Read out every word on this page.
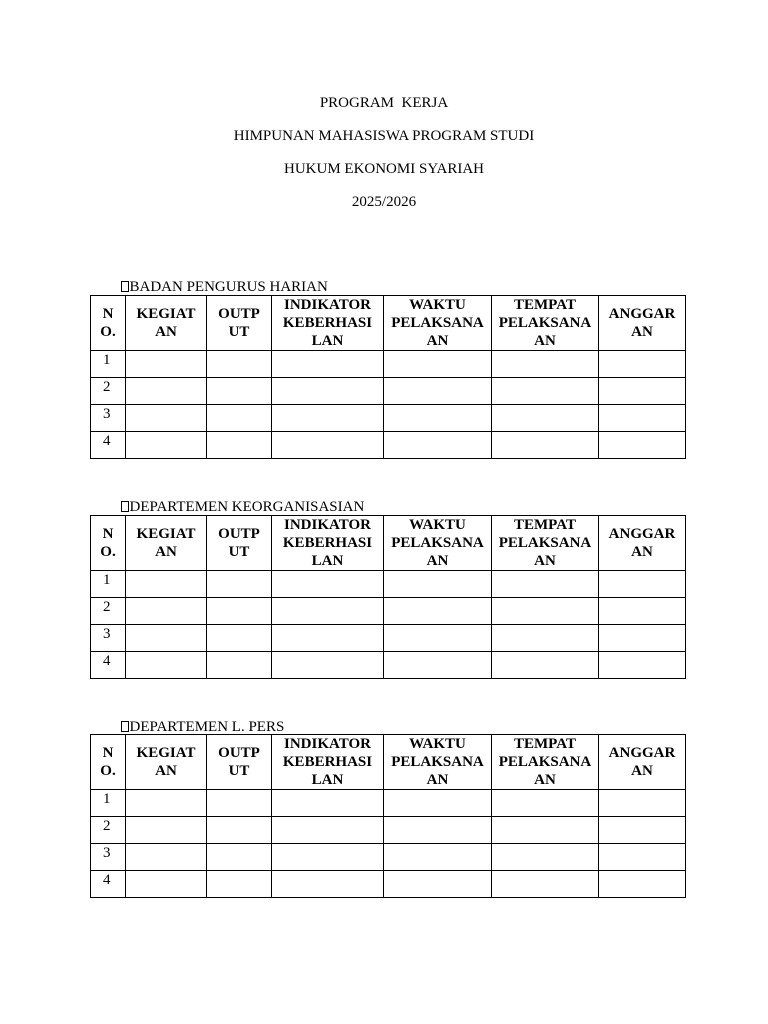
PROGRAM  KERJA
HIMPUNAN MAHASISWA PROGRAM STUDI
HUKUM EKONOMI SYARIAH
2025/2026

BADAN PENGURUS HARIAN

N
O.	KEGIAT
AN	OUTP
UT	INDIKATOR
KEBERHASI
LAN	WAKTU
PELAKSANA
AN	TEMPAT
PELAKSANA
AN	ANGGAR
AN

1						
2						
3						
4						

DEPARTEMEN KEORGANISASIAN

N
O.	KEGIAT
AN	OUTP
UT	INDIKATOR
KEBERHASI
LAN	WAKTU
PELAKSANA
AN	TEMPAT
PELAKSANA
AN	ANGGAR
AN

1						
2						
3						
4						

DEPARTEMEN L. PERS

N
O.	KEGIAT
AN	OUTP
UT	INDIKATOR
KEBERHASI
LAN	WAKTU
PELAKSANA
AN	TEMPAT
PELAKSANA
AN	ANGGAR
AN

1						
2						
3						
4						
